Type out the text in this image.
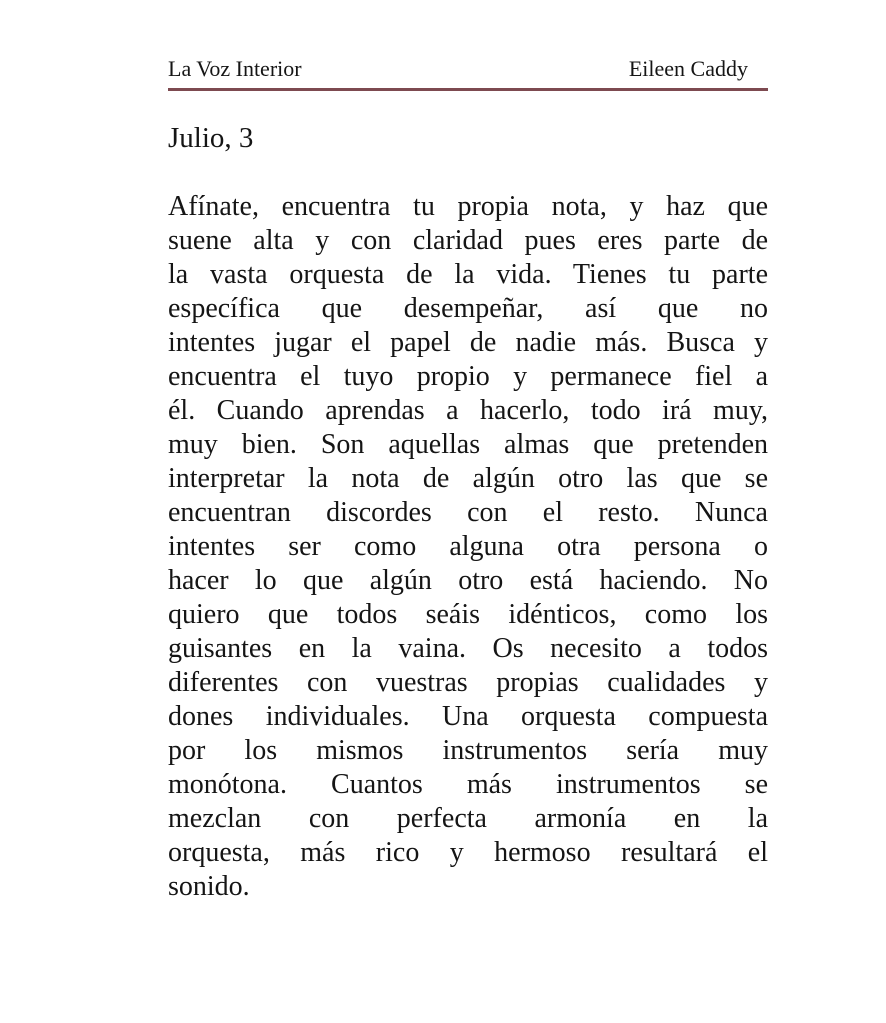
La Voz Interior	Eileen Caddy
Julio, 3
Afínate, encuentra tu propia nota, y haz que
suene alta y con claridad pues eres parte de
la vasta orquesta de la vida. Tienes tu parte
específica que desempeñar, así que no
intentes jugar el papel de nadie más. Busca y
encuentra el tuyo propio y permanece fiel a
él. Cuando aprendas a hacerlo, todo irá muy,
muy bien. Son aquellas almas que pretenden
interpretar la nota de algún otro las que se
encuentran discordes con el resto. Nunca
intentes ser como alguna otra persona o
hacer lo que algún otro está haciendo. No
quiero que todos seáis idénticos, como los
guisantes en la vaina. Os necesito a todos
diferentes con vuestras propias cualidades y
dones individuales. Una orquesta compuesta
por los mismos instrumentos sería muy
monótona. Cuantos más instrumentos se
mezclan con perfecta armonía en la
orquesta, más rico y hermoso resultará el
sonido.
